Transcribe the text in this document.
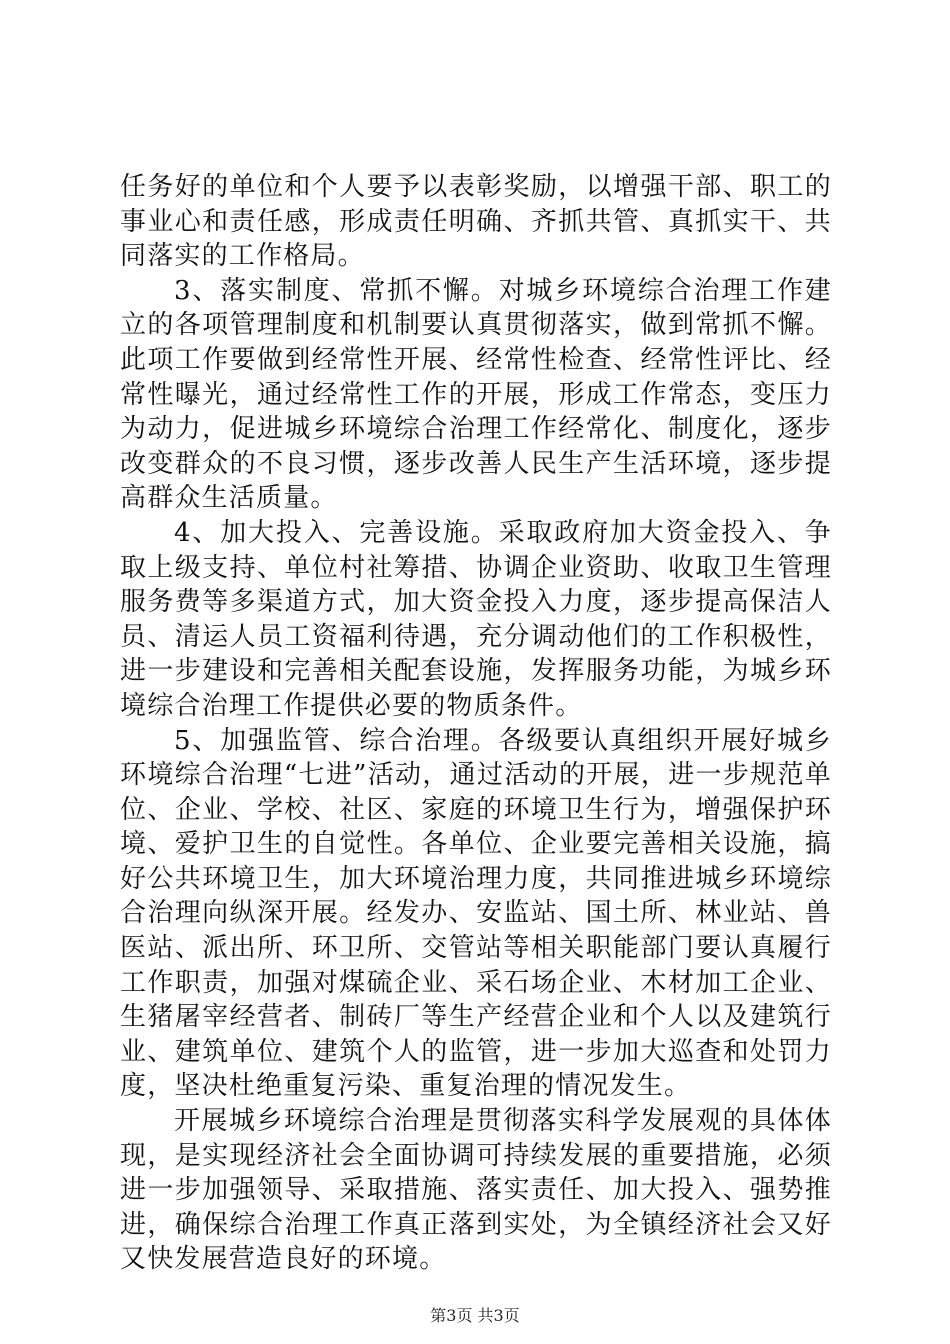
任务好的单位和个人要予以表彰奖励，以增强干部、职工的事业心和责任感，形成责任明确、齐抓共管、真抓实干、共同落实的工作格局。

3、落实制度、常抓不懈。对城乡环境综合治理工作建立的各项管理制度和机制要认真贯彻落实，做到常抓不懈。此项工作要做到经常性开展、经常性检查、经常性评比、经常性曝光，通过经常性工作的开展，形成工作常态，变压力为动力，促进城乡环境综合治理工作经常化、制度化，逐步改变群众的不良习惯，逐步改善人民生产生活环境，逐步提高群众生活质量。

4、加大投入、完善设施。采取政府加大资金投入、争取上级支持、单位村社筹措、协调企业资助、收取卫生管理服务费等多渠道方式，加大资金投入力度，逐步提高保洁人员、清运人员工资福利待遇，充分调动他们的工作积极性，进一步建设和完善相关配套设施，发挥服务功能，为城乡环境综合治理工作提供必要的物质条件。

5、加强监管、综合治理。各级要认真组织开展好城乡环境综合治理“七进”活动，通过活动的开展，进一步规范单位、企业、学校、社区、家庭的环境卫生行为，增强保护环境、爱护卫生的自觉性。各单位、企业要完善相关设施，搞好公共环境卫生，加大环境治理力度，共同推进城乡环境综合治理向纵深开展。经发办、安监站、国土所、林业站、兽医站、派出所、环卫所、交管站等相关职能部门要认真履行工作职责，加强对煤硫企业、采石场企业、木材加工企业、生猪屠宰经营者、制砖厂等生产经营企业和个人以及建筑行业、建筑单位、建筑个人的监管，进一步加大巡查和处罚力度，坚决杜绝重复污染、重复治理的情况发生。

开展城乡环境综合治理是贯彻落实科学发展观的具体体现，是实现经济社会全面协调可持续发展的重要措施，必须进一步加强领导、采取措施、落实责任、加大投入、强势推进，确保综合治理工作真正落到实处，为全镇经济社会又好又快发展营造良好的环境。

第3页 共3页
